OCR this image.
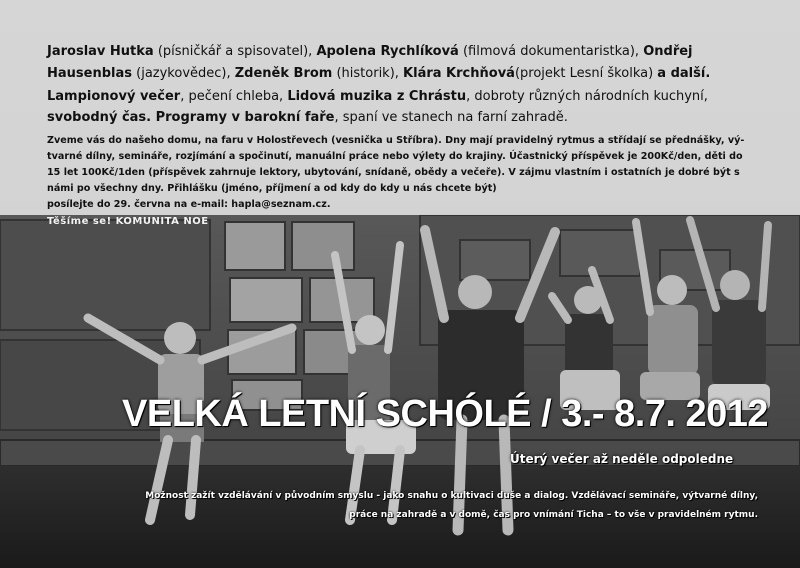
Jaroslav Hutka (písničkář a spisovatel), Apolena Rychlíková (filmová dokumentaristka), Ondřej
Hausenblas (jazykovědec), Zdeněk Brom (historik), Klára Krchňová(projekt Lesní školka) a další.
Lampionový večer, pečení chleba, Lidová muzika z Chrástu, dobroty různých národních kuchyní,
svobodný čas. Programy v barokní faře, spaní ve stanech na farní zahradě.
Zveme vás do našeho domu, na faru v Holostřevech (vesnička u Stříbra). Dny mají pravidelný rytmus a střídají se přednášky, vý-
tvarné dílny, semináře, rozjímání a spočinutí, manuální práce nebo výlety do krajiny. Účastnický příspěvek je 200Kč/den, děti do
15 let 100Kč/1den (příspěvek zahrnuje lektory, ubytování, snídaně, obědy a večeře). V zájmu vlastním i ostatních je dobré být s
námi po všechny dny. Přihlášku (jméno, příjmení a od kdy do kdy u nás chcete být)
posílejte do 29. června na e-mail: hapla@seznam.cz.
Těšíme se! KOMUNITA NOE
VELKÁ LETNÍ SCHÓLÉ / 3.- 8.7. 2012
Úterý večer až neděle odpoledne
Možnost zažít vzdělávání v původním smyslu - jako snahu o kultivaci duše a dialog. Vzdělávací semináře, výtvarné dílny,
práce na zahradě a v domě, čas pro vnímání Ticha – to vše v pravidelném rytmu.
